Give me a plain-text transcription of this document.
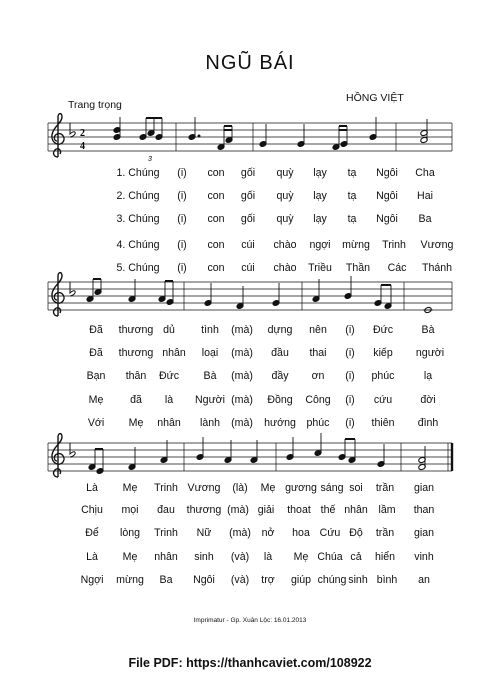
NGŨ BÁI
Trang trọng
HỒNG VIỆT
2
4
3
1. Chúng (i) con gối quỳ lạy tạ Ngôi Cha
2. Chúng (i) con gối quỳ lạy tạ Ngôi Hai
3. Chúng (i) con gối quỳ lạy tạ Ngôi Ba
4. Chúng (i) con cúi chào ngợi mừng Trinh Vương
5. Chúng (i) con cúi chào Triều Thần Các Thánh
Đã thương dủ tình (mà) dựng nên (i) Đức	Bà
Đã thương nhân loại (mà) đầu thai (i) kiếp người
Bạn thân Đức Bà (mà) đầy ơn (i) phúc	lạ
Mẹ	đã là Người (mà) Đồng Công (i) cứu	đời
Với Mẹ nhân lành (mà) hướng phúc (i) thiên đình
Là Mẹ Trinh Vương (là) Mẹ gương sáng soi trần gian
Chịu mọi đau thương (mà) giải thoat thế nhân lầm than
Để lòng Trinh Nữ (mà) nở hoa Cứu Độ trần gian
Là Mẹ nhân sinh (và) là Mẹ Chúa cả hiển vinh
Ngợi mừng Ba Ngôi (và) trợ giúp chúng sinh bình an
Imprimatur - Gp. Xuân Lộc: 16.01.2013
File PDF: https://thanhcaviet.com/108922
